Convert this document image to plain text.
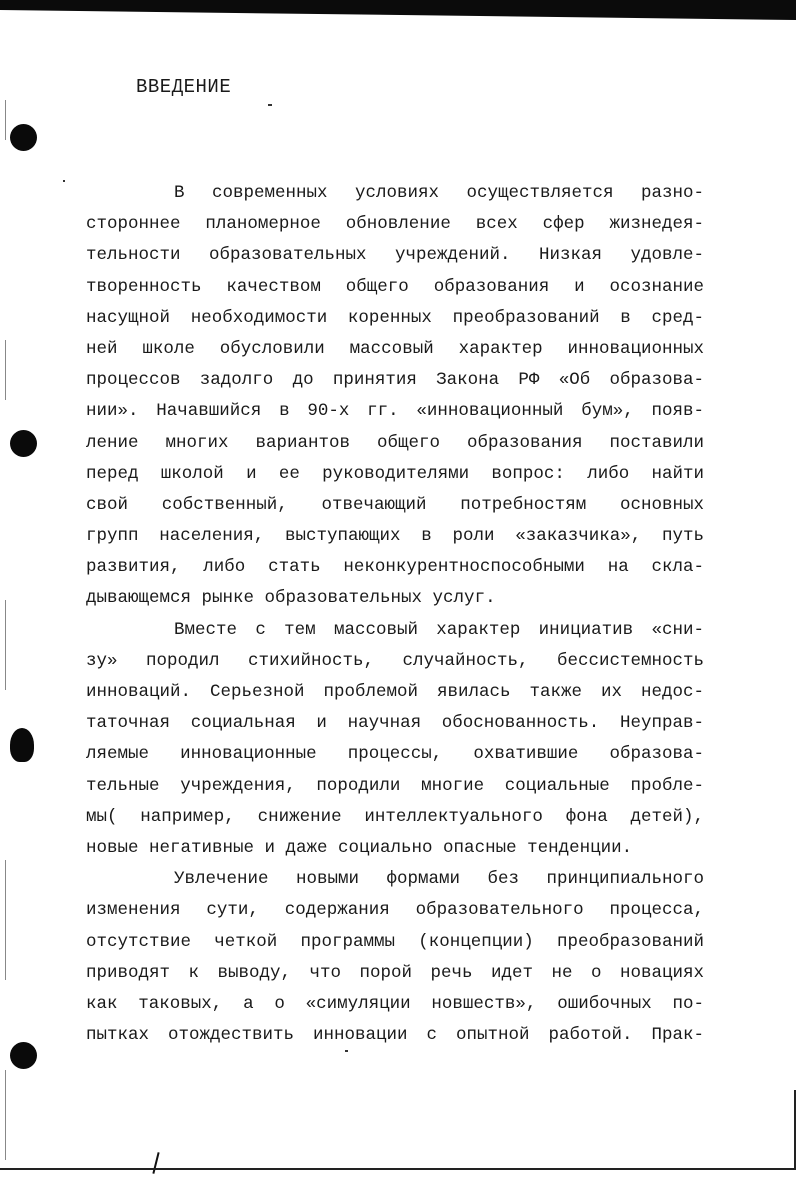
ВВЕДЕНИЕ
В современных условиях осуществляется разно-
стороннее планомерное обновление всех сфер жизнедея-
тельности образовательных учреждений. Низкая удовле-
творенность качеством общего образования и осознание
насущной необходимости коренных преобразований в сред-
ней школе обусловили массовый характер инновационных
процессов задолго до принятия Закона РФ «Об образова-
нии». Начавшийся в 90-х гг. «инновационный бум», появ-
ление многих вариантов общего образования поставили
перед школой и ее руководителями вопрос: либо найти
свой собственный, отвечающий потребностям основных
групп населения, выступающих в роли «заказчика», путь
развития, либо стать неконкурентноспособными на скла-
дывающемся рынке образовательных услуг.
Вместе с тем массовый характер инициатив «сни-
зу» породил стихийность, случайность, бессистемность
инноваций. Серьезной проблемой явилась также их недос-
таточная социальная и научная обоснованность. Неуправ-
ляемые инновационные процессы, охватившие образова-
тельные учреждения, породили многие социальные пробле-
мы( например, снижение интеллектуального фона детей),
новые негативные и даже социально опасные тенденции.
Увлечение новыми формами без принципиального
изменения сути, содержания образовательного процесса,
отсутствие четкой программы (концепции) преобразований
приводят к выводу, что порой речь идет не о новациях
как таковых, а о «симуляции новшеств», ошибочных по-
пытках отождествить инновации с опытной работой. Прак-
